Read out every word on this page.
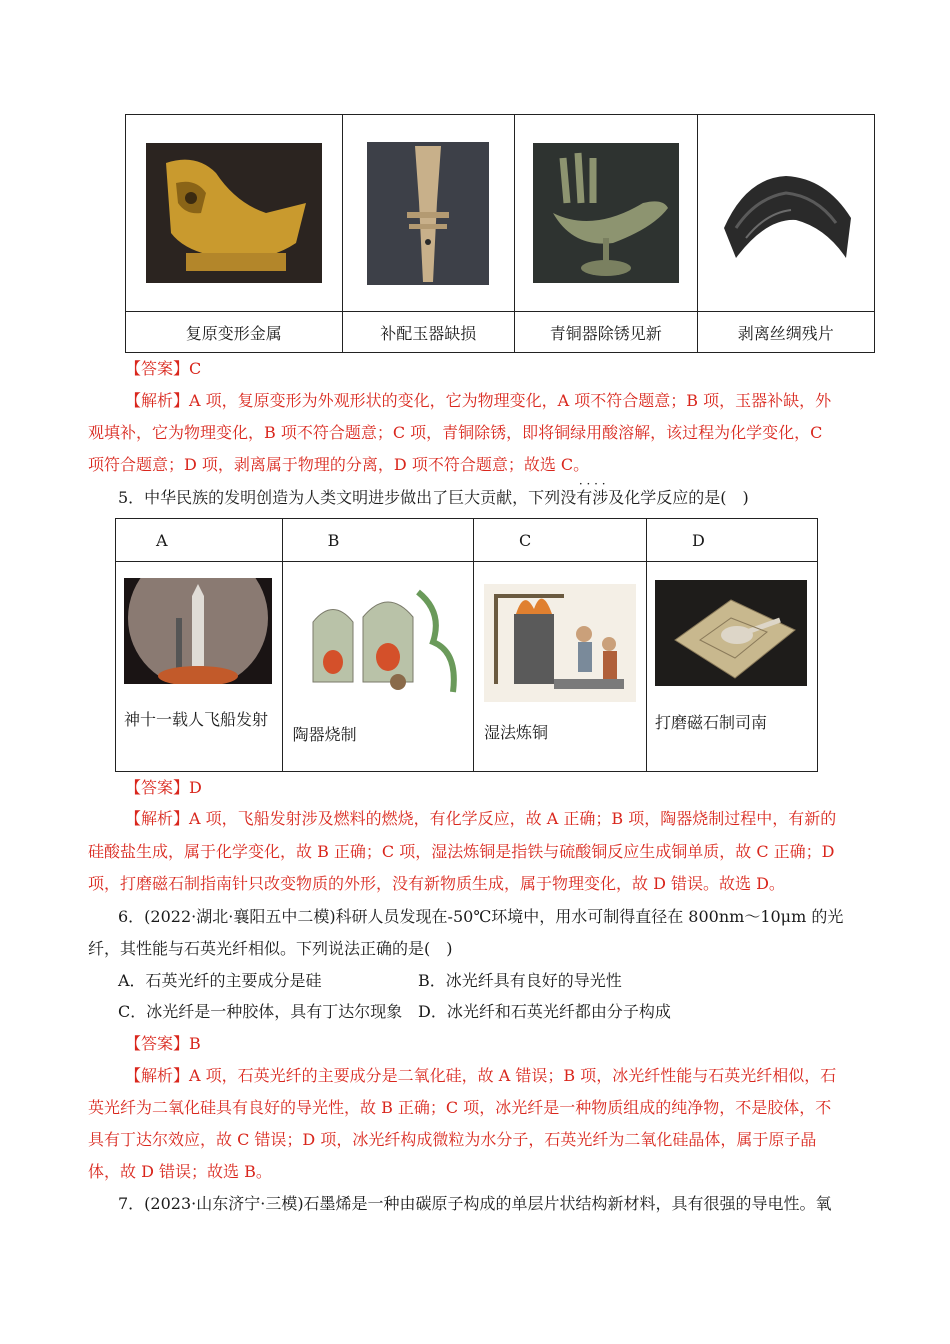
复原变形金属	补配玉器缺损	青铜器除锈见新	剥离丝绸残片
【答案】C
【解析】A 项，复原变形为外观形状的变化，它为物理变化，A 项不符合题意；B 项，玉器补缺，外
观填补，它为物理变化，B 项不符合题意；C 项，青铜除锈，即将铜绿用酸溶解，该过程为化学变化，C
项符合题意；D 项，剥离属于物理的分离，D 项不符合题意；故选 C。
5．中华民族的发明创造为人类文明进步做出了巨大贡献，下列
· · · ·
没有涉及化学反应的是(　)
A	B	C	D

神十一载人飞船发射	陶器烧制	湿法炼铜	打磨磁石制司南
【答案】D
【解析】A 项，飞船发射涉及燃料的燃烧，有化学反应，故 A 正确；B 项，陶器烧制过程中，有新的
硅酸盐生成，属于化学变化，故 B 正确；C 项，湿法炼铜是指铁与硫酸铜反应生成铜单质，故 C 正确；D
项，打磨磁石制指南针只改变物质的外形，没有新物质生成，属于物理变化，故 D 错误。故选 D。
6．(2022·湖北·襄阳五中二模)科研人员发现在-50℃环境中，用水可制得直径在 800nm～10μm 的光
纤，其性能与石英光纤相似。下列说法正确的是(　)
A．石英光纤的主要成分是硅	B．冰光纤具有良好的导光性
C．冰光纤是一种胶体，具有丁达尔现象 D．冰光纤和石英光纤都由分子构成
【答案】B
【解析】A 项，石英光纤的主要成分是二氧化硅，故 A 错误；B 项，冰光纤性能与石英光纤相似，石
英光纤为二氧化硅具有良好的导光性，故 B 正确；C 项，冰光纤是一种物质组成的纯净物，不是胶体，不
具有丁达尔效应，故 C 错误；D 项，冰光纤构成微粒为水分子，石英光纤为二氧化硅晶体，属于原子晶
体，故 D 错误；故选 B。
7．(2023·山东济宁·三模)石墨烯是一种由碳原子构成的单层片状结构新材料，具有很强的导电性。氧
